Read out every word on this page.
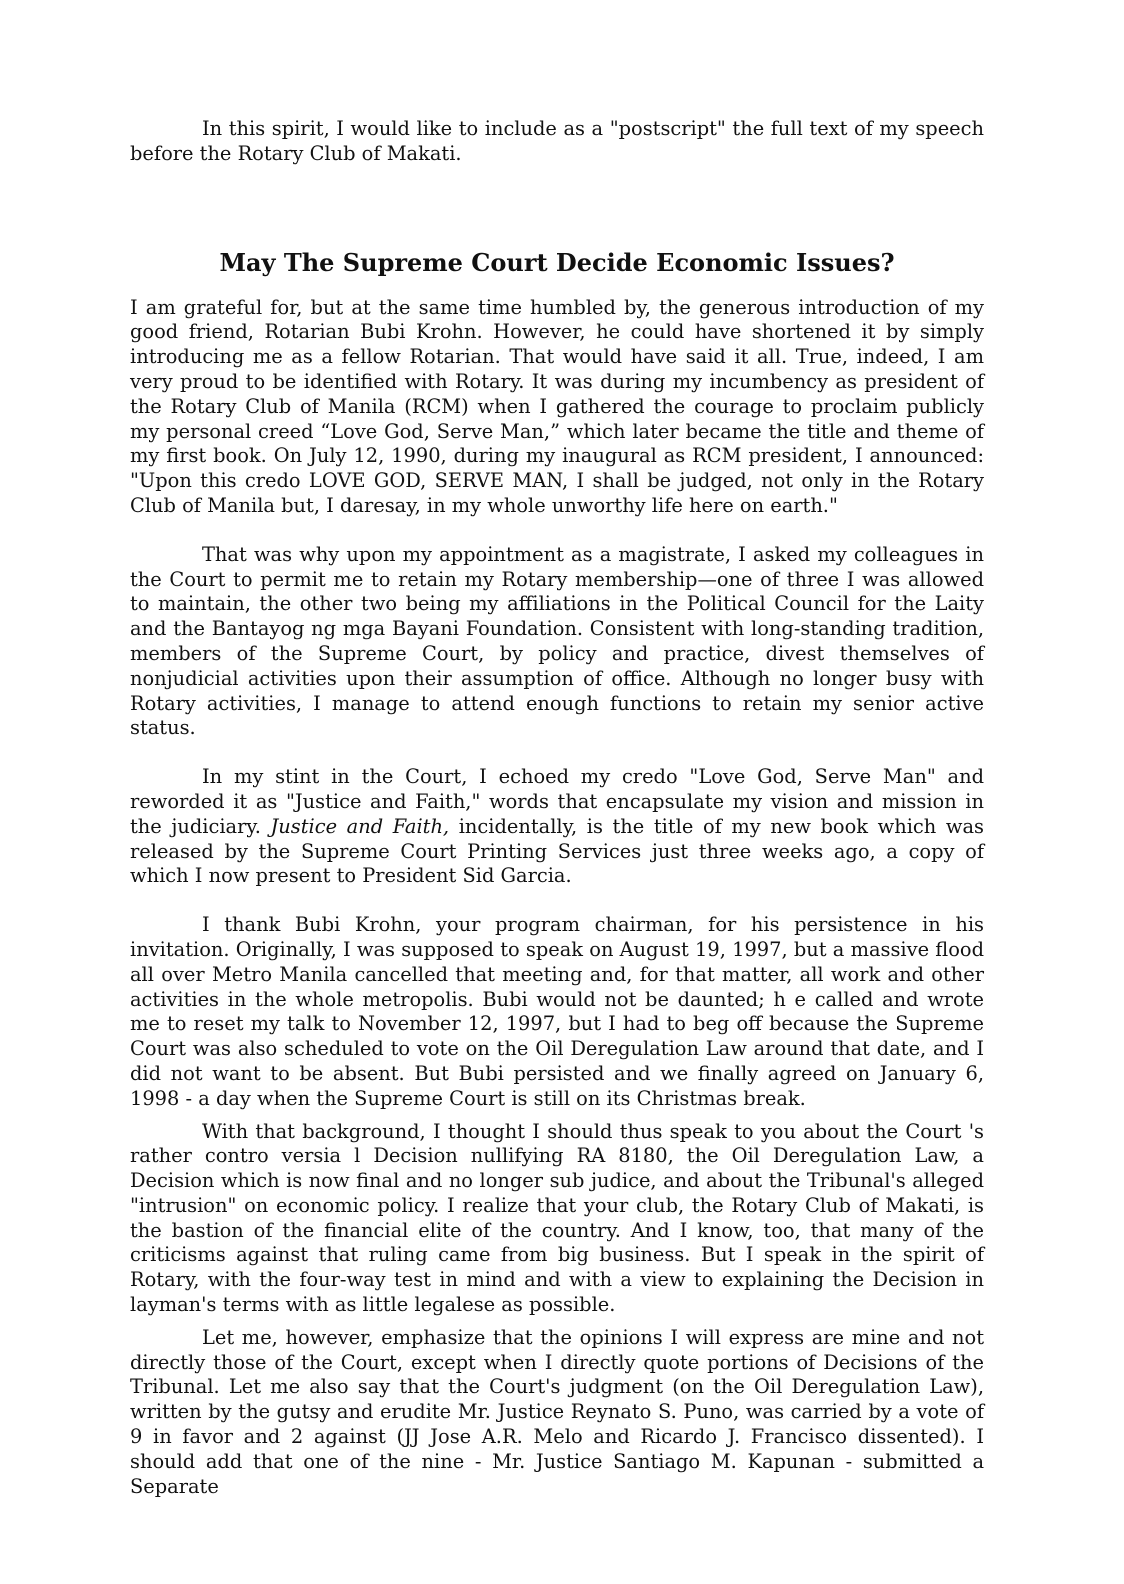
In this spirit, I would like to include as a "postscript" the full text of my speech before the Rotary Club of Makati.

May The Supreme Court Decide Economic Issues?

I am grateful for, but at the same time humbled by, the generous introduction of my good friend, Rotarian Bubi Krohn. However, he could have shortened it by simply introducing me as a fellow Rotarian. That would have said it all. True, indeed, I am very proud to be identified with Rotary. It was during my incumbency as president of the Rotary Club of Manila (RCM) when I gathered the courage to proclaim publicly my personal creed “Love God, Serve Man,” which later became the title and theme of my first book. On July 12, 1990, during my inaugural as RCM president, I announced: "Upon this credo LOVE GOD, SERVE MAN, I shall be judged, not only in the Rotary Club of Manila but, I daresay, in my whole unworthy life here on earth."

That was why upon my appointment as a magistrate, I asked my colleagues in the Court to permit me to retain my Rotary membership—one of three I was allowed to maintain, the other two being my affiliations in the Political Council for the Laity and the Bantayog ng mga Bayani Foundation. Consistent with long-standing tradition, members of the Supreme Court, by policy and practice, divest themselves of nonjudicial activities upon their assumption of office. Although no longer busy with Rotary activities, I manage to attend enough functions to retain my senior active status.

In my stint in the Court, I echoed my credo "Love God, Serve Man" and reworded it as "Justice and Faith," words that encapsulate my vision and mission in the judiciary. Justice and Faith, incidentally, is the title of my new book which was released by the Supreme Court Printing Services just three weeks ago, a copy of which I now present to President Sid Garcia.

I thank Bubi Krohn, your program chairman, for his persistence in his invitation. Originally, I was supposed to speak on August 19, 1997, but a massive flood all over Metro Manila cancelled that meeting and, for that matter, all work and other activities in the whole metropolis. Bubi would not be daunted; h e called and wrote me to reset my talk to November 12, 1997, but I had to beg off because the Supreme Court was also scheduled to vote on the Oil Deregulation Law around that date, and I did not want to be absent. But Bubi persisted and we finally agreed on January 6, 1998 - a day when the Supreme Court is still on its Christmas break.

With that background, I thought I should thus speak to you about the Court 's rather contro versia l Decision nullifying RA 8180, the Oil Deregulation Law, a Decision which is now final and no longer sub judice, and about the Tribunal's alleged "intrusion" on economic policy. I realize that your club, the Rotary Club of Makati, is the bastion of the financial elite of the country. And I know, too, that many of the criticisms against that ruling came from big business. But I speak in the spirit of Rotary, with the four-way test in mind and with a view to explaining the Decision in layman's terms with as little legalese as possible.

Let me, however, emphasize that the opinions I will express are mine and not directly those of the Court, except when I directly quote portions of Decisions of the Tribunal. Let me also say that the Court's judgment (on the Oil Deregulation Law), written by the gutsy and erudite Mr. Justice Reynato S. Puno, was carried by a vote of 9 in favor and 2 against (JJ Jose A.R. Melo and Ricardo J. Francisco dissented). I should add that one of the nine - Mr. Justice Santiago M. Kapunan - submitted a Separate
